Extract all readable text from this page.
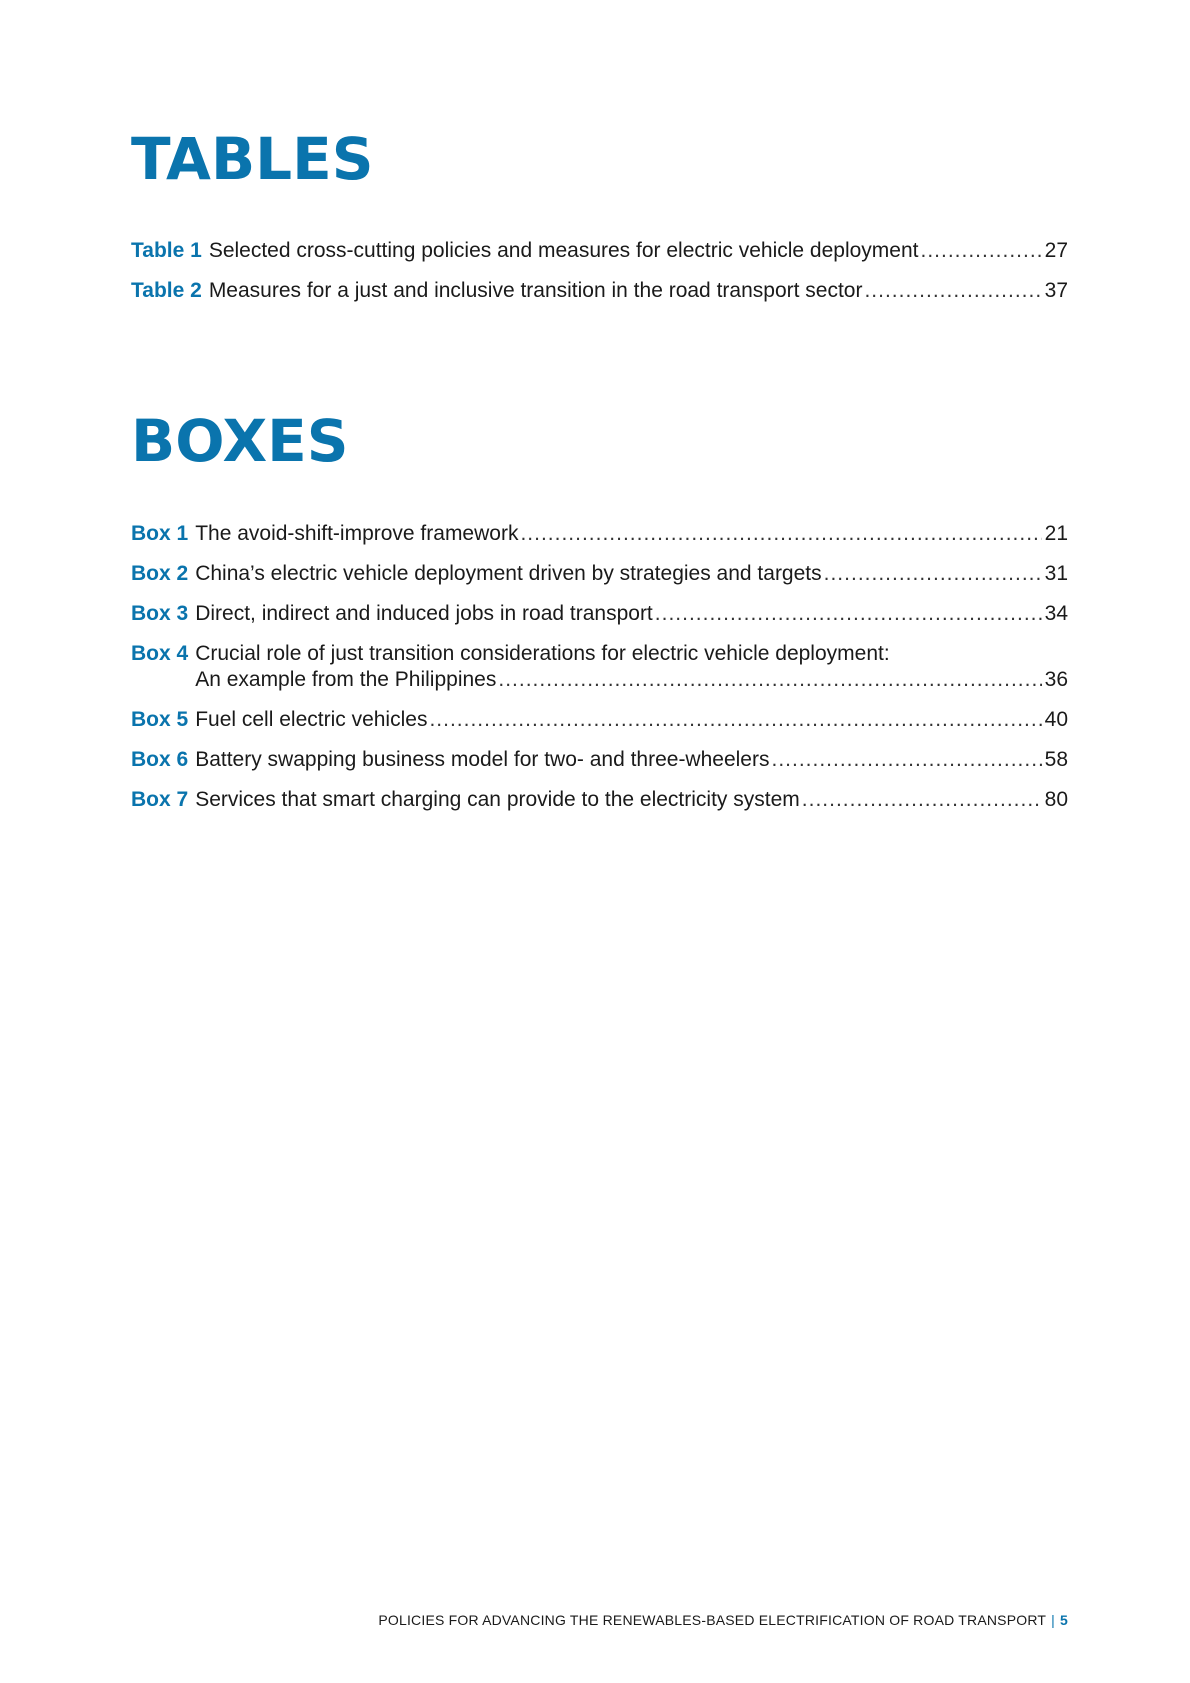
TABLES
Table 1 Selected cross-cutting policies and measures for electric vehicle deployment .....	27
Table 2 Measures for a just and inclusive transition in the road transport sector .....	37
BOXES
Box 1 The avoid-shift-improve framework .....	21
Box 2 China’s electric vehicle deployment driven by strategies and targets .....	31
Box 3 Direct, indirect and induced jobs in road transport .....	34
Box 4 Crucial role of just transition considerations for electric vehicle deployment:
An example from the Philippines .....	36
Box 5 Fuel cell electric vehicles .....	40
Box 6 Battery swapping business model for two- and three-wheelers .....	58
Box 7 Services that smart charging can provide to the electricity system .....	80
POLICIES FOR ADVANCING THE RENEWABLES-BASED ELECTRIFICATION OF ROAD TRANSPORT | 5
